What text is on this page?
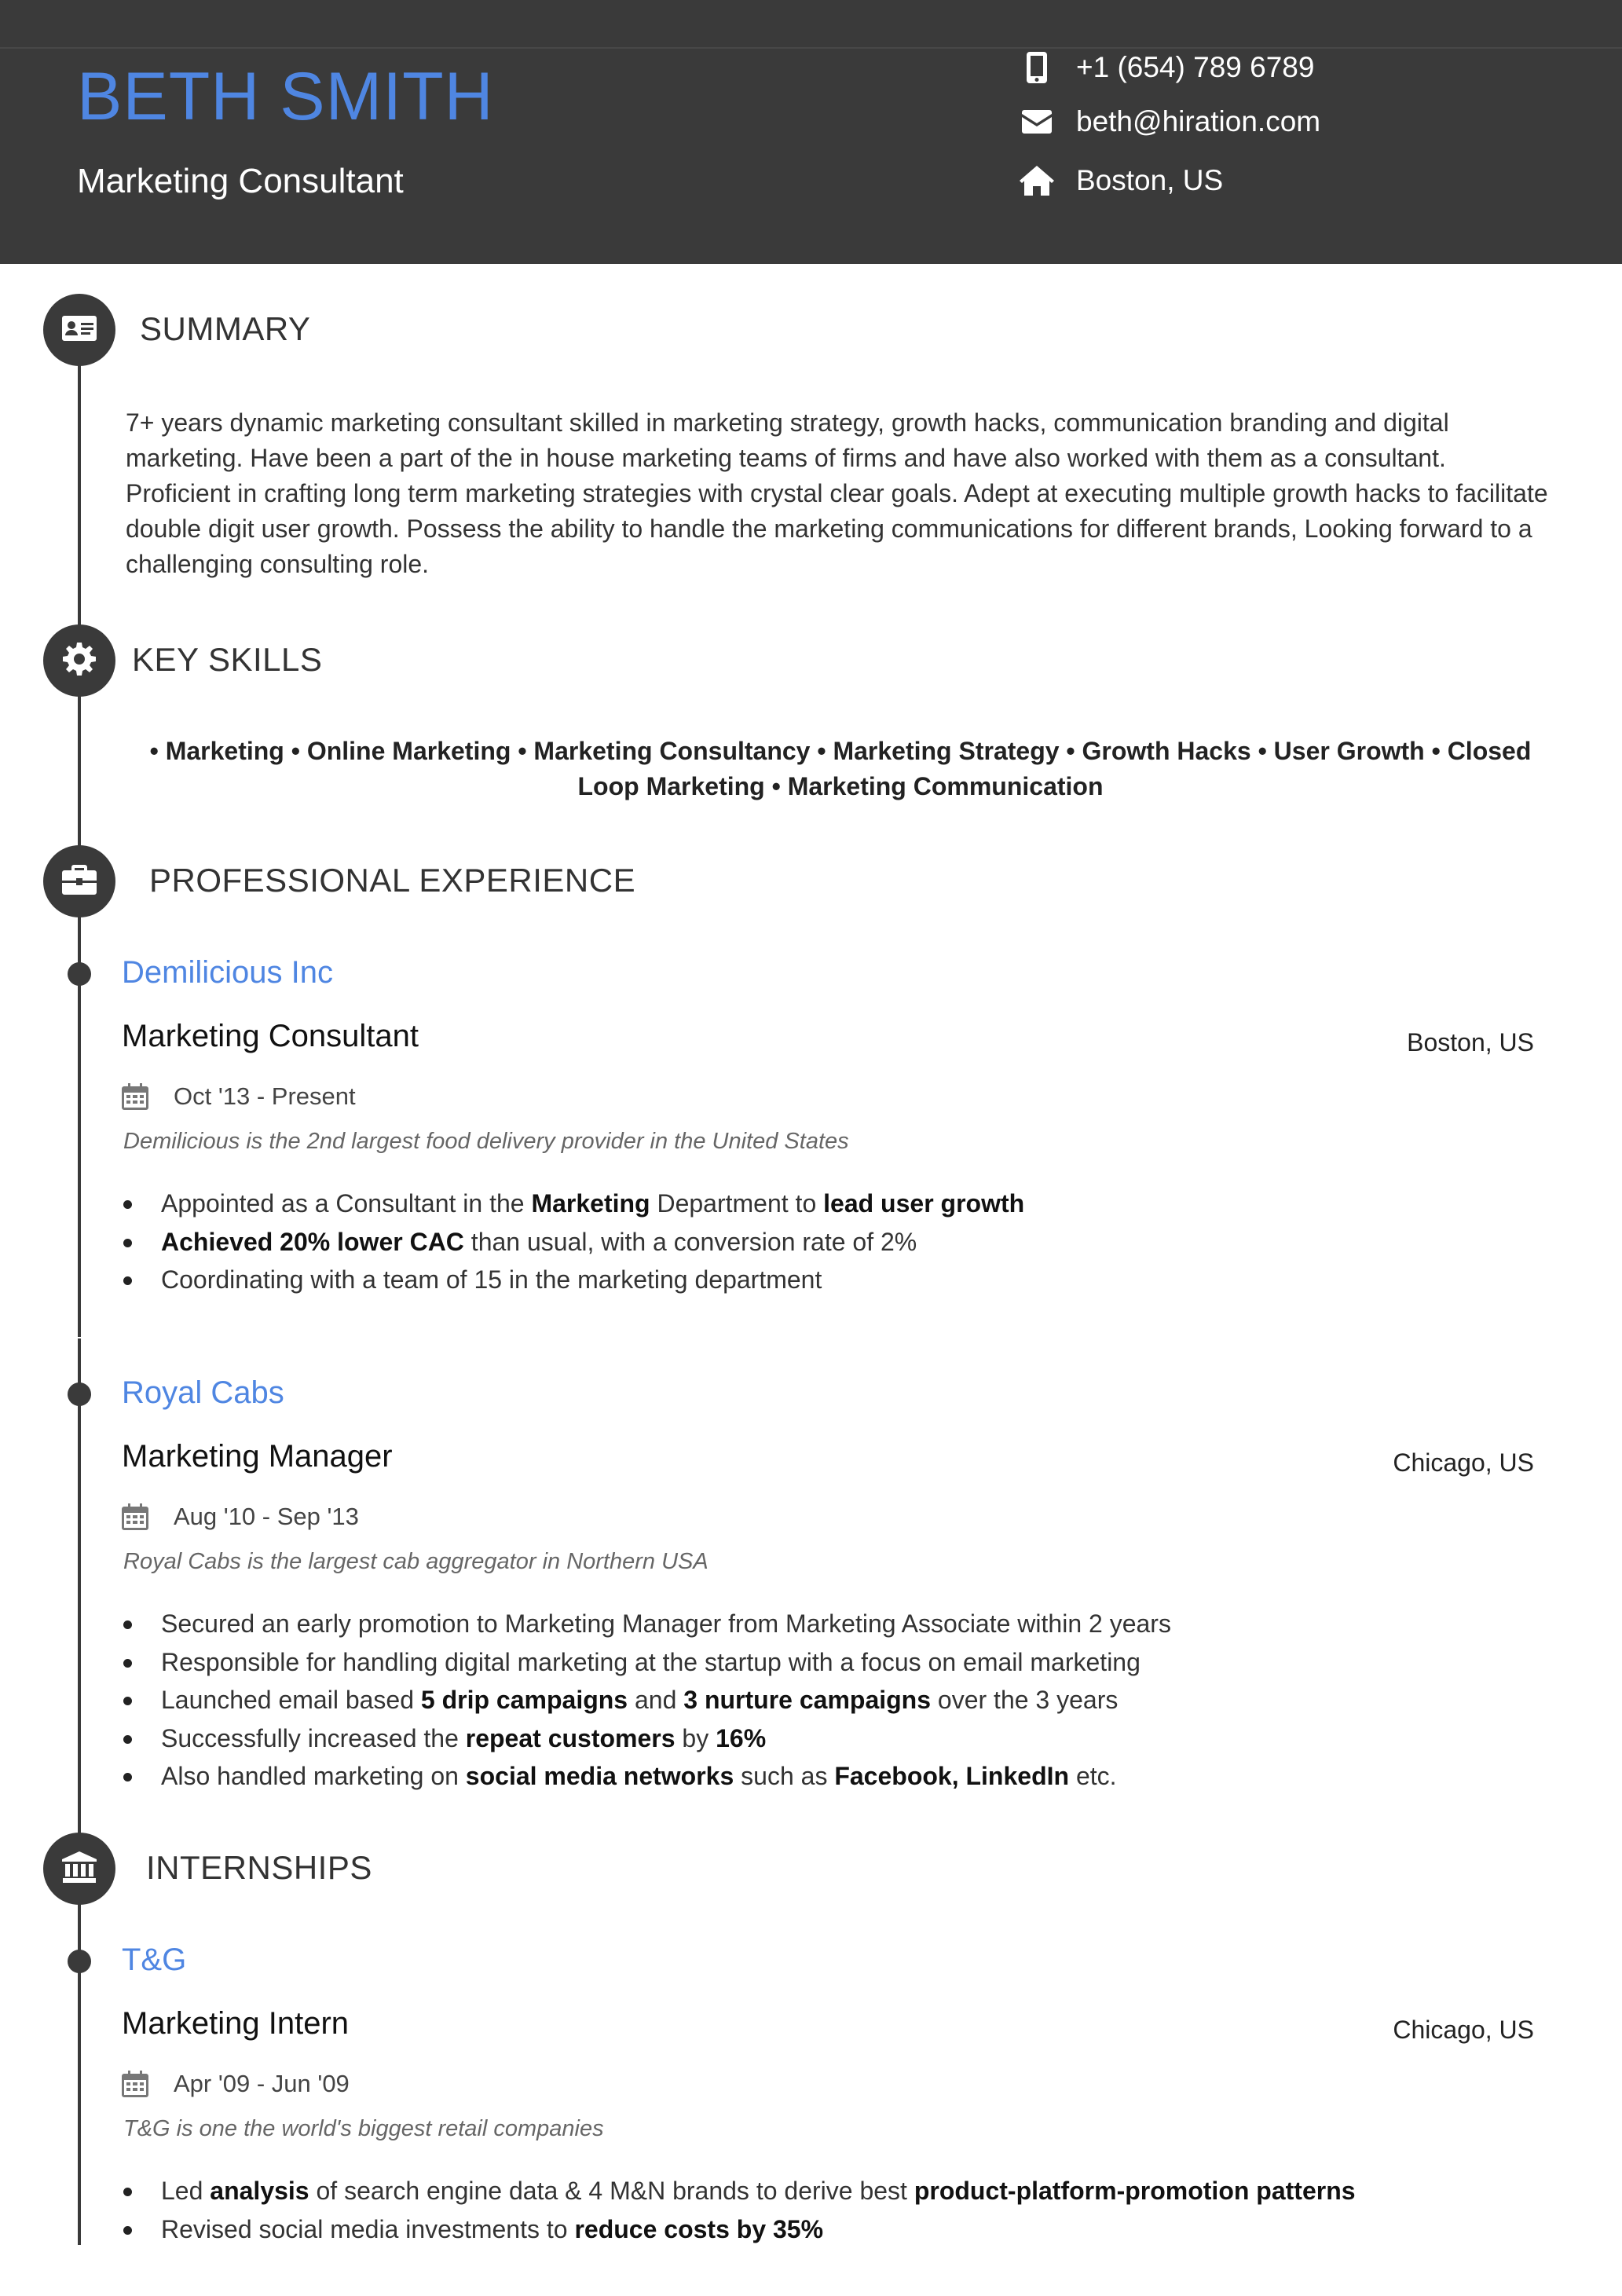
BETH SMITH
Marketing Consultant
+1 (654) 789 6789
beth@hiration.com
Boston, US
SUMMARY
7+ years dynamic marketing consultant skilled in marketing strategy, growth hacks, communication branding and digital marketing. Have been a part of the in house marketing teams of firms and have also worked with them as a consultant. Proficient in crafting long term marketing strategies with crystal clear goals. Adept at executing multiple growth hacks to facilitate double digit user growth. Possess the ability to handle the marketing communications for different brands, Looking forward to a challenging consulting role.
KEY SKILLS
• Marketing • Online Marketing • Marketing Consultancy • Marketing Strategy • Growth Hacks • User Growth • Closed Loop Marketing • Marketing Communication
PROFESSIONAL EXPERIENCE
Demilicious Inc
Marketing Consultant	Boston, US
Oct '13 - Present
Demilicious is the 2nd largest food delivery provider in the United States
Appointed as a Consultant in the Marketing Department to lead user growth
Achieved 20% lower CAC than usual, with a conversion rate of 2%
Coordinating with a team of 15 in the marketing department
Royal Cabs
Marketing Manager	Chicago, US
Aug '10 - Sep '13
Royal Cabs is the largest cab aggregator in Northern USA
Secured an early promotion to Marketing Manager from Marketing Associate within 2 years
Responsible for handling digital marketing at the startup with a focus on email marketing
Launched email based 5 drip campaigns and 3 nurture campaigns over the 3 years
Successfully increased the repeat customers by 16%
Also handled marketing on social media networks such as Facebook, LinkedIn etc.
INTERNSHIPS
T&G
Marketing Intern	Chicago, US
Apr '09 - Jun '09
T&G is one the world's biggest retail companies
Led analysis of search engine data & 4 M&N brands to derive best product-platform-promotion patterns
Revised social media investments to reduce costs by 35%
